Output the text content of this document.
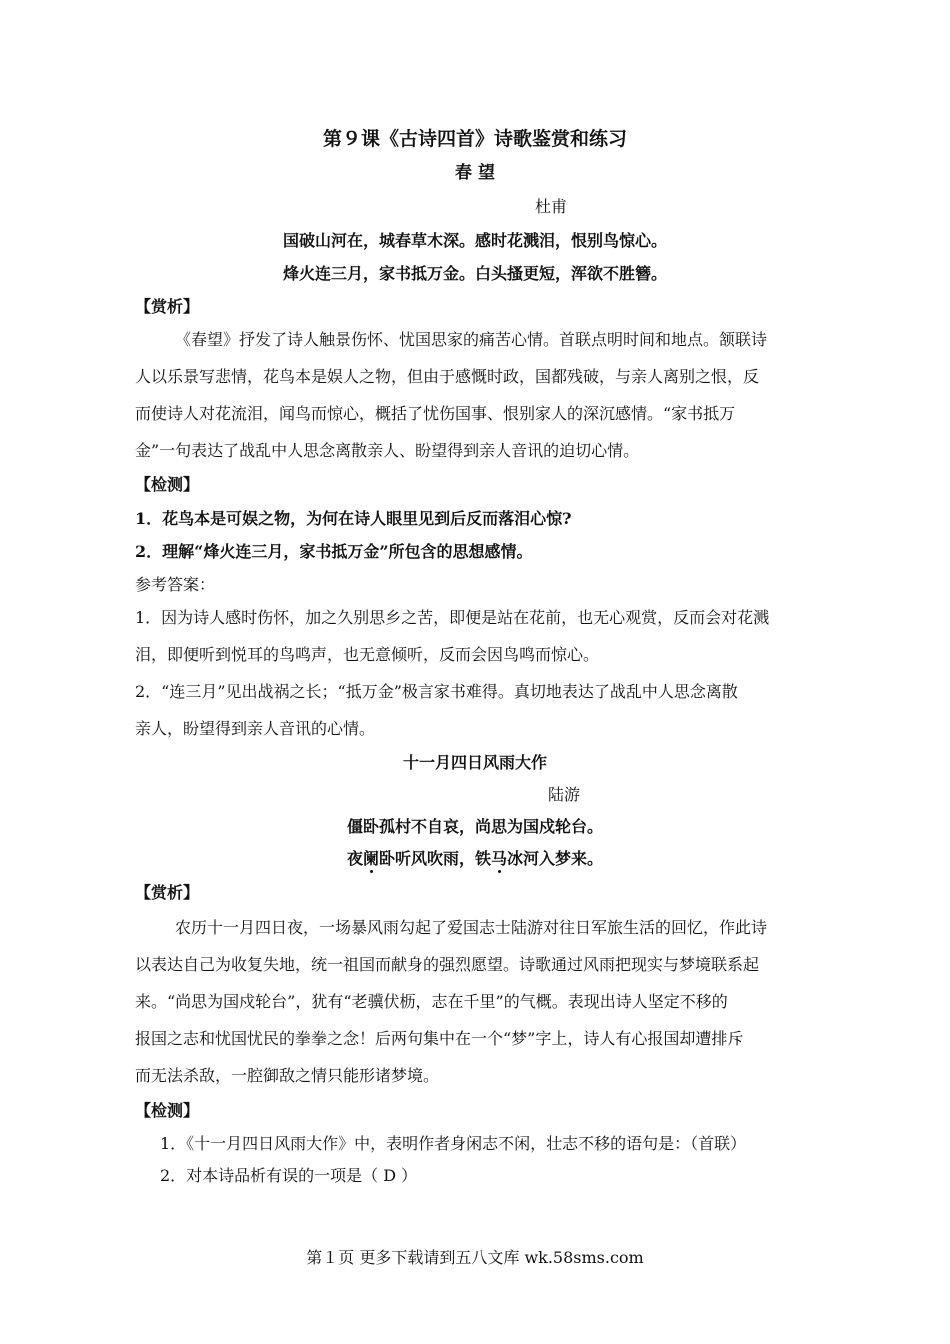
第９课《古诗四首》诗歌鉴赏和练习
春 望
杜甫
国破山河在，城春草木深。感时花溅泪，恨别鸟惊心。
烽火连三月，家书抵万金。白头搔更短，浑欲不胜簪。
【赏析】
《春望》抒发了诗人触景伤怀、忧国思家的痛苦心情。首联点明时间和地点。颔联诗
人以乐景写悲情，花鸟本是娱人之物，但由于感慨时政，国都残破，与亲人离别之恨，反
而使诗人对花流泪，闻鸟而惊心，概括了忧伤国事、恨别家人的深沉感情。“家书抵万
金”一句表达了战乱中人思念离散亲人、盼望得到亲人音讯的迫切心情。
【检测】
1．花鸟本是可娱之物，为何在诗人眼里见到后反而落泪心惊?
2．理解“烽火连三月，家书抵万金”所包含的思想感情。
参考答案：
1．因为诗人感时伤怀，加之久别思乡之苦，即便是站在花前，也无心观赏，反而会对花溅
泪，即便听到悦耳的鸟鸣声，也无意倾听，反而会因鸟鸣而惊心。
2．“连三月”见出战祸之长；“抵万金”极言家书难得。真切地表达了战乱中人思念离散
亲人，盼望得到亲人音讯的心情。
十一月四日风雨大作
陆游
僵卧孤村不自哀，尚思为国戍轮台。
夜阑卧听风吹雨，铁马冰河入梦来。
【赏析】
农历十一月四日夜，一场暴风雨勾起了爱国志士陆游对往日军旅生活的回忆，作此诗
以表达自己为收复失地，统一祖国而献身的强烈愿望。诗歌通过风雨把现实与梦境联系起
来。“尚思为国戍轮台”，犹有“老骥伏枥，志在千里”的气概。表现出诗人坚定不移的
报国之志和忧国忧民的拳拳之念！后两句集中在一个“梦”字上，诗人有心报国却遭排斥
而无法杀敌，一腔御敌之情只能形诸梦境。
【检测】
1．《十一月四日风雨大作》中，表明作者身闲志不闲，壮志不移的语句是：（首联）
2．对本诗品析有误的一项是（ D ）
第１页 更多下载请到五八文库 wk.58sms.com
